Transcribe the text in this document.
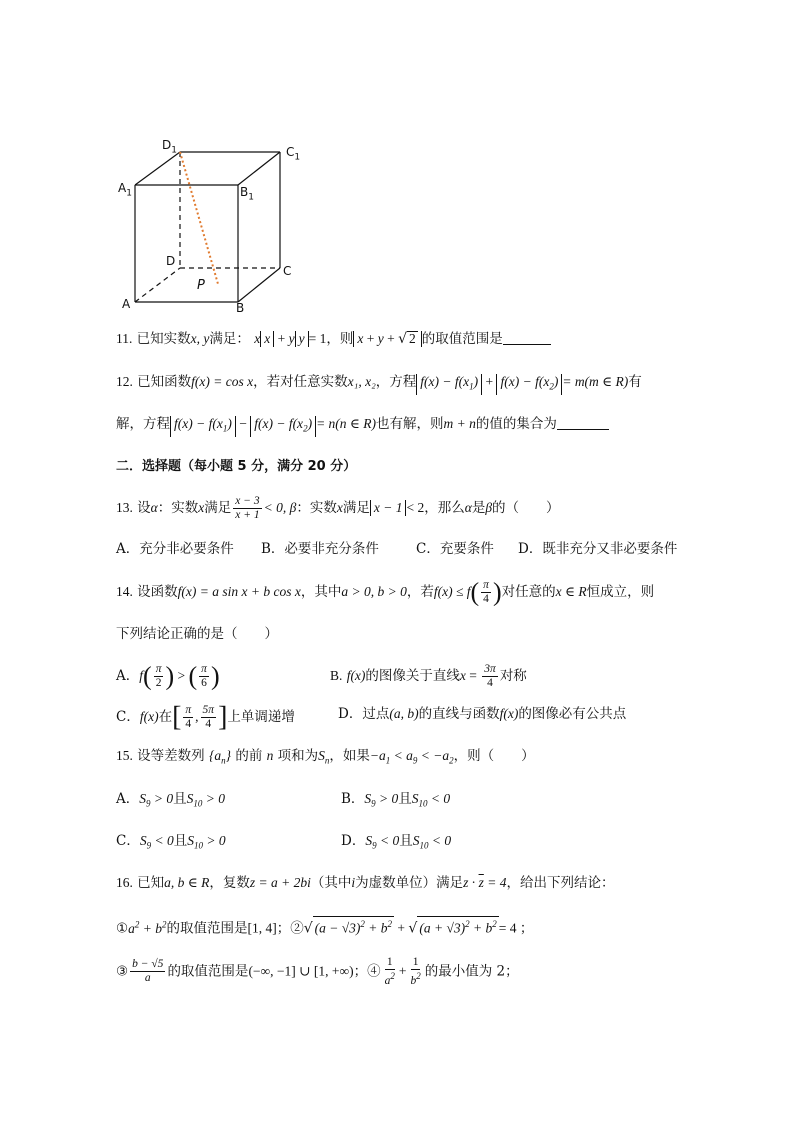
$D_1$	$C_1$
$A_1$	$B_1$
D
C
A	B
P
11. 已知实数x, y满足： x x + y y = 1，则 x + y + √ 2 的取值范围是
12. 已知函数f(x) = cos x，若对任意实数x₁, x₂，方程 $f(x) - f(x_1) + f(x) - f(x_2) = m(m$ ∈ R)有
解，方程 $f(x) - f(x_1) - f(x) - f(x_2) = n(n$ ∈ R)也有解，则m + n的值的集合为
二．选择题（每小题 5 分，满分 20 分）
13. 设α：实数x满足 $\frac{x - 3}{x + 1} < 0$, β：实数x满足 x − 1 < 2，那么α是β的（　　）
A．充分非必要条件 B．必要非充分条件	C．充要条件 D．既非充分又非必要条件
14. 设函数f(x) = a sin x + b cos x，其中a > 0, b > 0，若$f(x) \le f( \frac{\pi}{4}$ )对任意的x ∈ R恒成立，则
下列结论正确的是（　　）
A．$f( \frac{\pi}{2}$ ) > ( $\frac{\pi}{6}$ )	B. f(x)的图像关于直线$x = \frac{3\pi}{4}$ 对称
C．f(x)在[ $\frac{\pi}{4}$ , $\frac{5\pi}{4}$ ]上单调递增	D．过点(a, b)的直线与函数f(x)的图像必有公共点
15. 设等差数列 $\{a_n\}$ 的前 n 项和为$S_n$，如果$-a_1 < a_9 < -a_2$，则（　　）
A．$S_9 > 0$且$S_{10} > 0$	B．$S_9 > 0$且$S_{10} < 0$
C．$S_9 < 0$且$S_{10} > 0$	D．$S_9 < 0$且$S_{10} < 0$
16. 已知a, b ∈ R，复数z = a + 2bi（其中i为虚数单位）满足$z \cdot \overline{z} = 4$，给出下列结论：
$①a^2 + b^2$的取值范围是[1, 4]；②√ $(a - √3)^2 + b^2$ + √ $(a + √3)^2 + b^2 = 4$ ；
③ $\frac{b - √5}{a}$ 的取值范围是(−∞, −1] ∪ [1, +∞)；④ $\frac{1}{a^2} + \frac{1}{b^2}$ 的最小值为 2；
